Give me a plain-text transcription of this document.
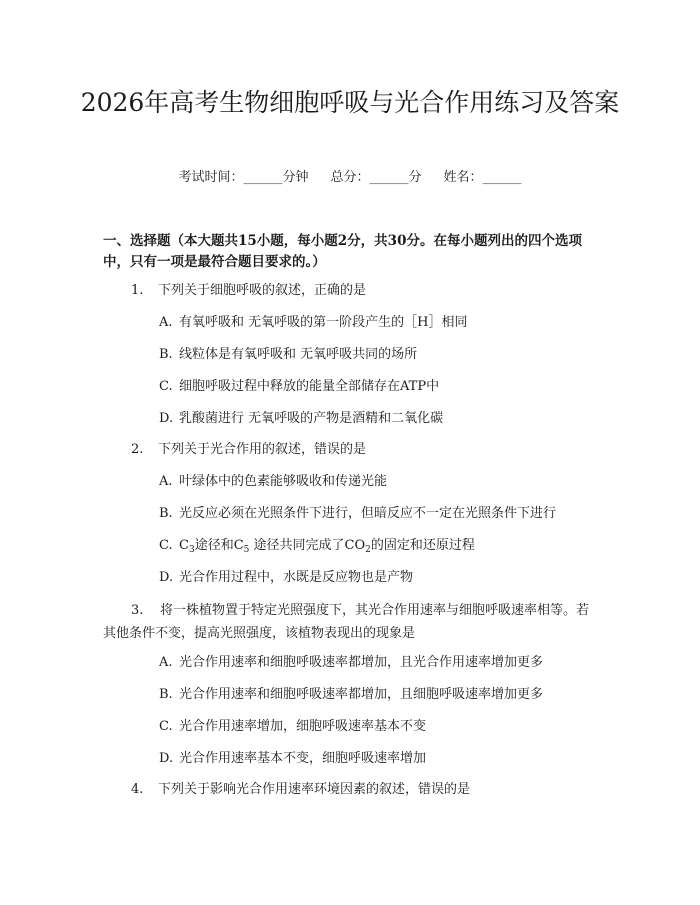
2026年高考生物细胞呼吸与光合作用练习及答案
考试时间：______分钟 总分：______分 姓名：______
一、选择题（本大题共15小题，每小题2分，共30分。在每小题列出的四个选项中，只有一项是最符合题目要求的。）
1. 下列关于细胞呼吸的叙述，正确的是
A. 有氧呼吸和 无氧呼吸的第一阶段产生的［H］相同
B. 线粒体是有氧呼吸和 无氧呼吸共同的场所
C. 细胞呼吸过程中释放的能量全部储存在ATP中
D. 乳酸菌进行 无氧呼吸的产物是酒精和二氧化碳
2. 下列关于光合作用的叙述，错误的是
A. 叶绿体中的色素能够吸收和传递光能
B. 光反应必须在光照条件下进行，但暗反应不一定在光照条件下进行
C. $C_3$途径和$C_5$ 途径共同完成了$CO_2$的固定和还原过程
D. 光合作用过程中，水既是反应物也是产物
3. 将一株植物置于特定光照强度下，其光合作用速率与细胞呼吸速率相等。若其他条件不变，提高光照强度，该植物表现出的现象是
A. 光合作用速率和细胞呼吸速率都增加，且光合作用速率增加更多
B. 光合作用速率和细胞呼吸速率都增加，且细胞呼吸速率增加更多
C. 光合作用速率增加，细胞呼吸速率基本不变
D. 光合作用速率基本不变，细胞呼吸速率增加
4. 下列关于影响光合作用速率环境因素的叙述，错误的是
